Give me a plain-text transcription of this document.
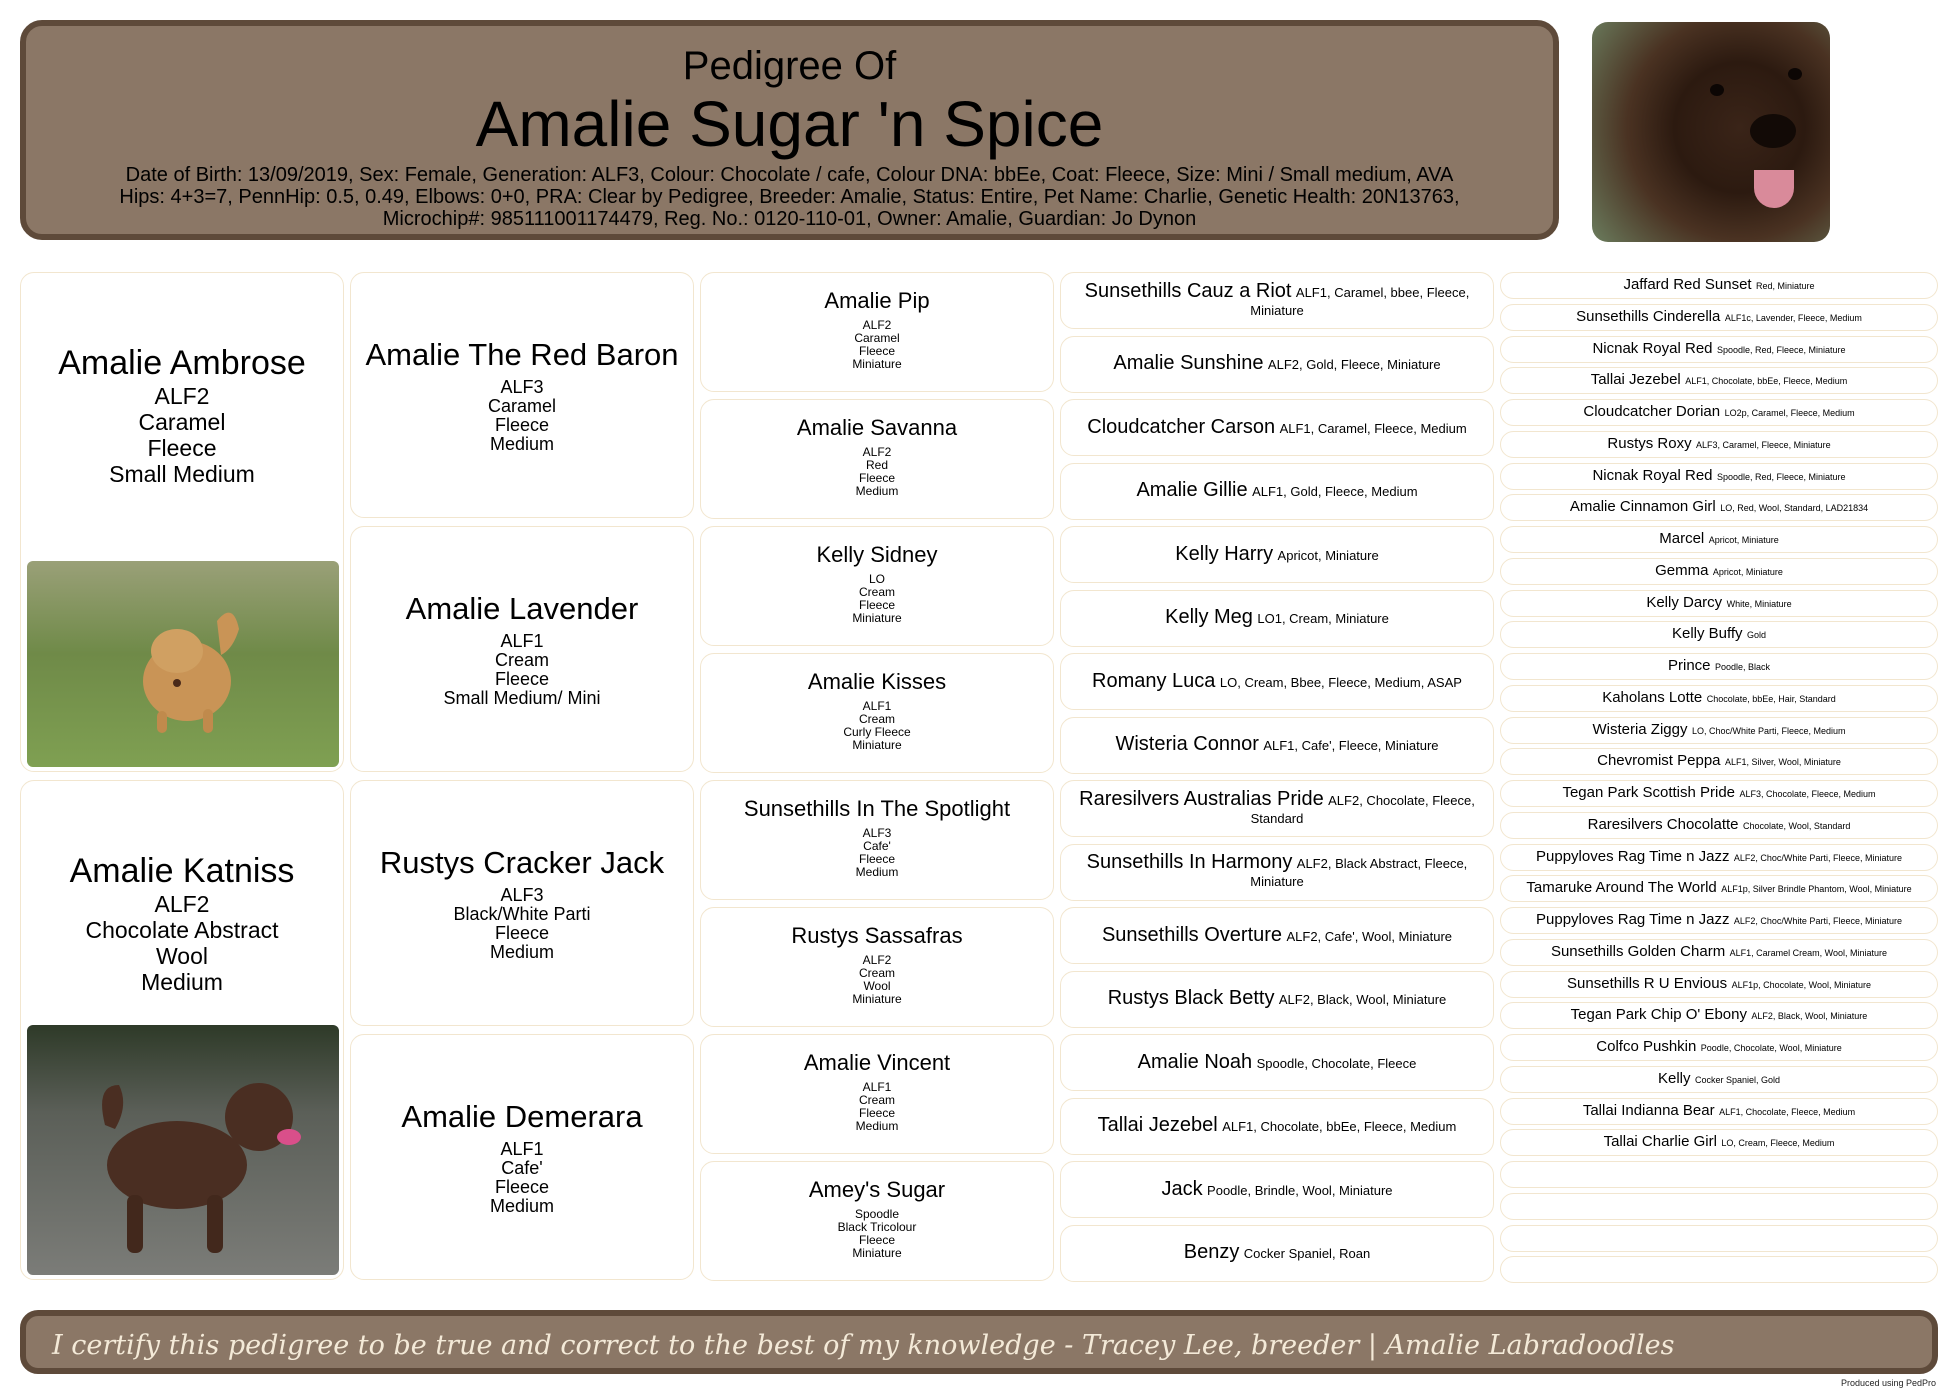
Pedigree Of
Amalie Sugar 'n Spice
Date of Birth: 13/09/2019, Sex: Female, Generation: ALF3, Colour: Chocolate / cafe, Colour DNA: bbEe, Coat: Fleece, Size: Mini / Small medium, AVA
Hips: 4+3=7, PennHip: 0.5, 0.49, Elbows: 0+0, PRA: Clear by Pedigree, Breeder: Amalie, Status: Entire, Pet Name: Charlie, Genetic Health: 20N13763,
Microchip#: 985111001174479, Reg. No.: 0120-110-01, Owner: Amalie, Guardian: Jo Dynon
Amalie Ambrose
ALF2
Caramel
Fleece
Small Medium
Amalie Katniss
ALF2
Chocolate Abstract
Wool
Medium
Amalie The Red Baron
ALF3
Caramel
Fleece
Medium
Amalie Lavender
ALF1
Cream
Fleece
Small Medium/ Mini
Rustys Cracker Jack
ALF3
Black/White Parti
Fleece
Medium
Amalie Demerara
ALF1
Cafe'
Fleece
Medium
Amalie Pip
ALF2
Caramel
Fleece
Miniature
Amalie Savanna
ALF2
Red
Fleece
Medium
Kelly Sidney
LO
Cream
Fleece
Miniature
Amalie Kisses
ALF1
Cream
Curly Fleece
Miniature
Sunsethills In The Spotlight
ALF3
Cafe'
Fleece
Medium
Rustys Sassafras
ALF2
Cream
Wool
Miniature
Amalie Vincent
ALF1
Cream
Fleece
Medium
Amey's Sugar
Spoodle
Black Tricolour
Fleece
Miniature
Sunsethills Cauz a Riot ALF1, Caramel, bbee, Fleece, Miniature
Amalie Sunshine ALF2, Gold, Fleece, Miniature
Cloudcatcher Carson ALF1, Caramel, Fleece, Medium
Amalie Gillie ALF1, Gold, Fleece, Medium
Kelly Harry Apricot, Miniature
Kelly Meg LO1, Cream, Miniature
Romany Luca LO, Cream, Bbee, Fleece, Medium, ASAP
Wisteria Connor ALF1, Cafe', Fleece, Miniature
Raresilvers Australias Pride ALF2, Chocolate, Fleece, Standard
Sunsethills In Harmony ALF2, Black Abstract, Fleece, Miniature
Sunsethills Overture ALF2, Cafe', Wool, Miniature
Rustys Black Betty ALF2, Black, Wool, Miniature
Amalie Noah Spoodle, Chocolate, Fleece
Tallai Jezebel ALF1, Chocolate, bbEe, Fleece, Medium
Jack Poodle, Brindle, Wool, Miniature
Benzy Cocker Spaniel, Roan
Jaffard Red Sunset Red, Miniature
Sunsethills Cinderella ALF1c, Lavender, Fleece, Medium
Nicnak Royal Red Spoodle, Red, Fleece, Miniature
Tallai Jezebel ALF1, Chocolate, bbEe, Fleece, Medium
Cloudcatcher Dorian LO2p, Caramel, Fleece, Medium
Rustys Roxy ALF3, Caramel, Fleece, Miniature
Nicnak Royal Red Spoodle, Red, Fleece, Miniature
Amalie Cinnamon Girl LO, Red, Wool, Standard, LAD21834
Marcel Apricot, Miniature
Gemma Apricot, Miniature
Kelly Darcy White, Miniature
Kelly Buffy Gold
Prince Poodle, Black
Kaholans Lotte Chocolate, bbEe, Hair, Standard
Wisteria Ziggy LO, Choc/White Parti, Fleece, Medium
Chevromist Peppa ALF1, Silver, Wool, Miniature
Tegan Park Scottish Pride ALF3, Chocolate, Fleece, Medium
Raresilvers Chocolatte Chocolate, Wool, Standard
Puppyloves Rag Time n Jazz ALF2, Choc/White Parti, Fleece, Miniature
Tamaruke Around The World ALF1p, Silver Brindle Phantom, Wool, Miniature
Puppyloves Rag Time n Jazz ALF2, Choc/White Parti, Fleece, Miniature
Sunsethills Golden Charm ALF1, Caramel Cream, Wool, Miniature
Sunsethills R U Envious ALF1p, Chocolate, Wool, Miniature
Tegan Park Chip O' Ebony ALF2, Black, Wool, Miniature
Colfco Pushkin Poodle, Chocolate, Wool, Miniature
Kelly Cocker Spaniel, Gold
Tallai Indianna Bear ALF1, Chocolate, Fleece, Medium
Tallai Charlie Girl LO, Cream, Fleece, Medium
I certify this pedigree to be true and correct to the best of my knowledge - Tracey Lee, breeder | Amalie Labradoodles
Produced using PedPro
